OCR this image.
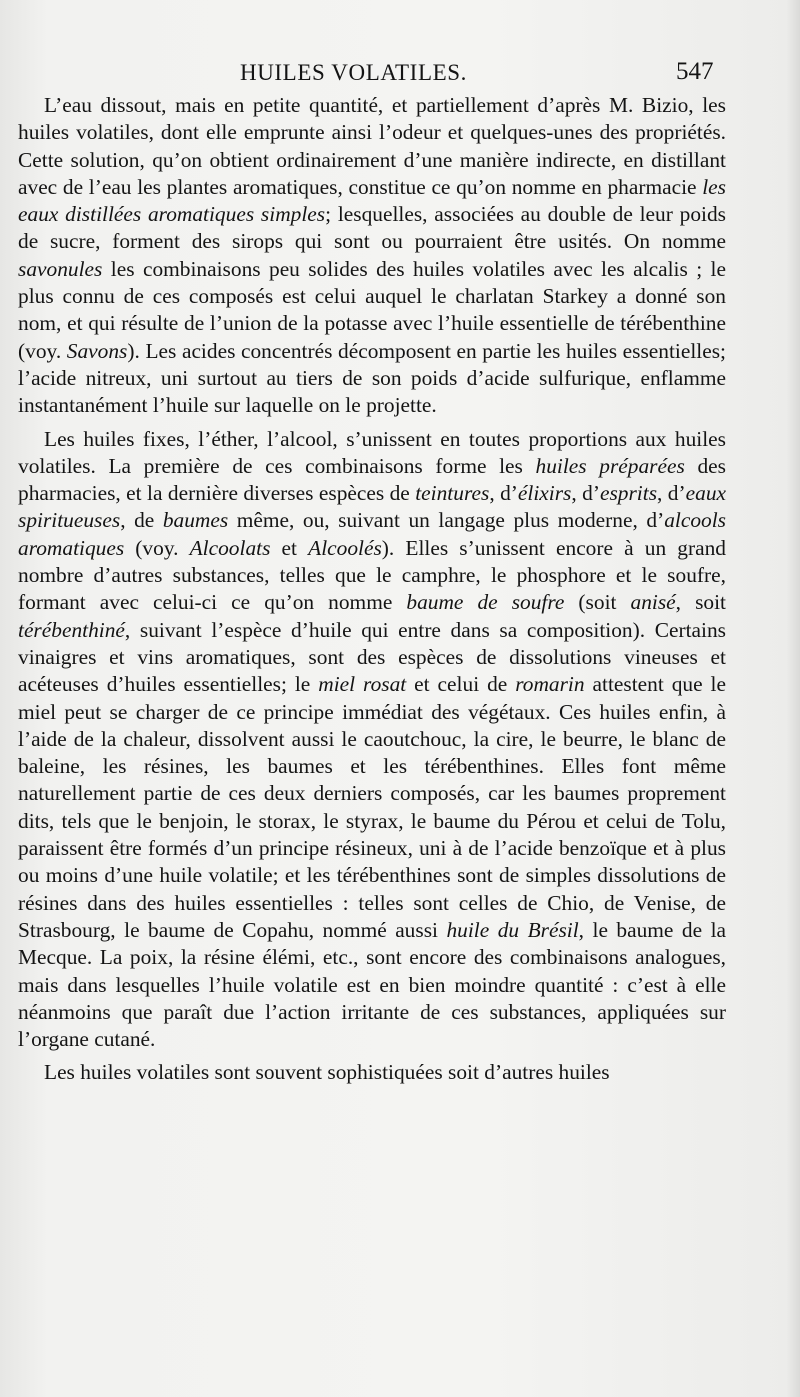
HUILES VOLATILES.	547

L’eau dissout, mais en petite quantité, et partiellement d’après M. Bizio, les huiles volatiles, dont elle emprunte ainsi l’odeur et quelques-unes des propriétés. Cette solution, qu’on obtient ordinairement d’une manière indirecte, en distillant avec de l’eau les plantes aromatiques, constitue ce qu’on nomme en pharmacie les eaux distillées aromatiques simples; lesquelles, associées au double de leur poids de sucre, forment des sirops qui sont ou pourraient être usités. On nomme savonules les combinaisons peu solides des huiles volatiles avec les alcalis ; le plus connu de ces composés est celui auquel le charlatan Starkey a donné son nom, et qui résulte de l’union de la potasse avec l’huile essentielle de térébenthine (voy. Savons). Les acides concentrés décomposent en partie les huiles essentielles; l’acide nitreux, uni surtout au tiers de son poids d’acide sulfurique, enflamme instantanément l’huile sur laquelle on le projette.

Les huiles fixes, l’éther, l’alcool, s’unissent en toutes proportions aux huiles volatiles. La première de ces combinaisons forme les huiles préparées des pharmacies, et la dernière diverses espèces de teintures, d’élixirs, d’esprits, d’eaux spiritueuses, de baumes même, ou, suivant un langage plus moderne, d’alcools aromatiques (voy. Alcoolats et Alcoolés). Elles s’unissent encore à un grand nombre d’autres substances, telles que le camphre, le phosphore et le soufre, formant avec celui-ci ce qu’on nomme baume de soufre (soit anisé, soit térébenthiné, suivant l’espèce d’huile qui entre dans sa composition). Certains vinaigres et vins aromatiques, sont des espèces de dissolutions vineuses et acéteuses d’huiles essentielles; le miel rosat et celui de romarin attestent que le miel peut se charger de ce principe immédiat des végétaux. Ces huiles enfin, à l’aide de la chaleur, dissolvent aussi le caoutchouc, la cire, le beurre, le blanc de baleine, les résines, les baumes et les térébenthines. Elles font même naturellement partie de ces deux derniers composés, car les baumes proprement dits, tels que le benjoin, le storax, le styrax, le baume du Pérou et celui de Tolu, paraissent être formés d’un principe résineux, uni à de l’acide benzoïque et à plus ou moins d’une huile volatile; et les térébenthines sont de simples dissolutions de résines dans des huiles essentielles : telles sont celles de Chio, de Venise, de Strasbourg, le baume de Copahu, nommé aussi huile du Brésil, le baume de la Mecque. La poix, la résine élémi, etc., sont encore des combinaisons analogues, mais dans lesquelles l’huile volatile est en bien moindre quantité : c’est à elle néanmoins que paraît due l’action irritante de ces substances, appliquées sur l’organe cutané.

Les huiles volatiles sont souvent sophistiquées soit d’autres huiles
